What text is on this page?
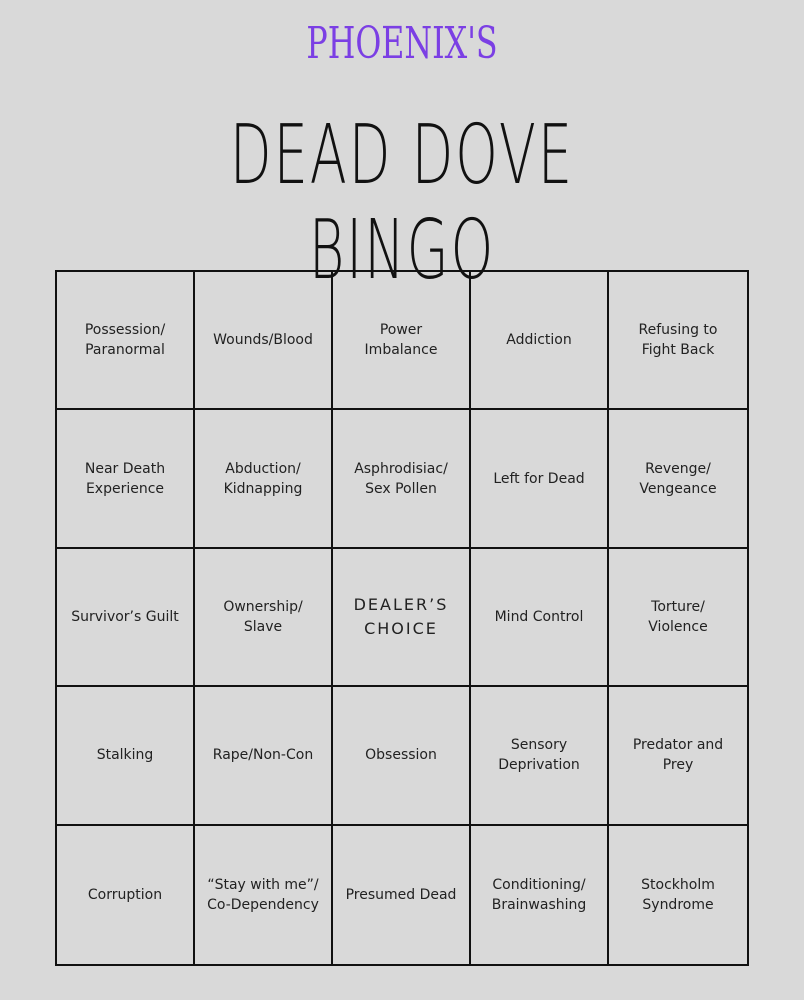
PHOENIX'S
DEAD DOVE BINGO
Possession/
Paranormal
Wounds/Blood
Power
Imbalance
Addiction
Refusing to
Fight Back
Near Death
Experience
Abduction/
Kidnapping
Asphrodisiac/
Sex Pollen
Left for Dead
Revenge/
Vengeance
Survivor’s Guilt
Ownership/
Slave
DEALER’S
CHOICE
Mind Control
Torture/
Violence
Stalking	Rape/Non-Con	Obsession
Sensory
Deprivation
Predator and
Prey
Corruption
“Stay with me”/
Co-Dependency
Presumed Dead
Conditioning/
Brainwashing
Stockholm
Syndrome
